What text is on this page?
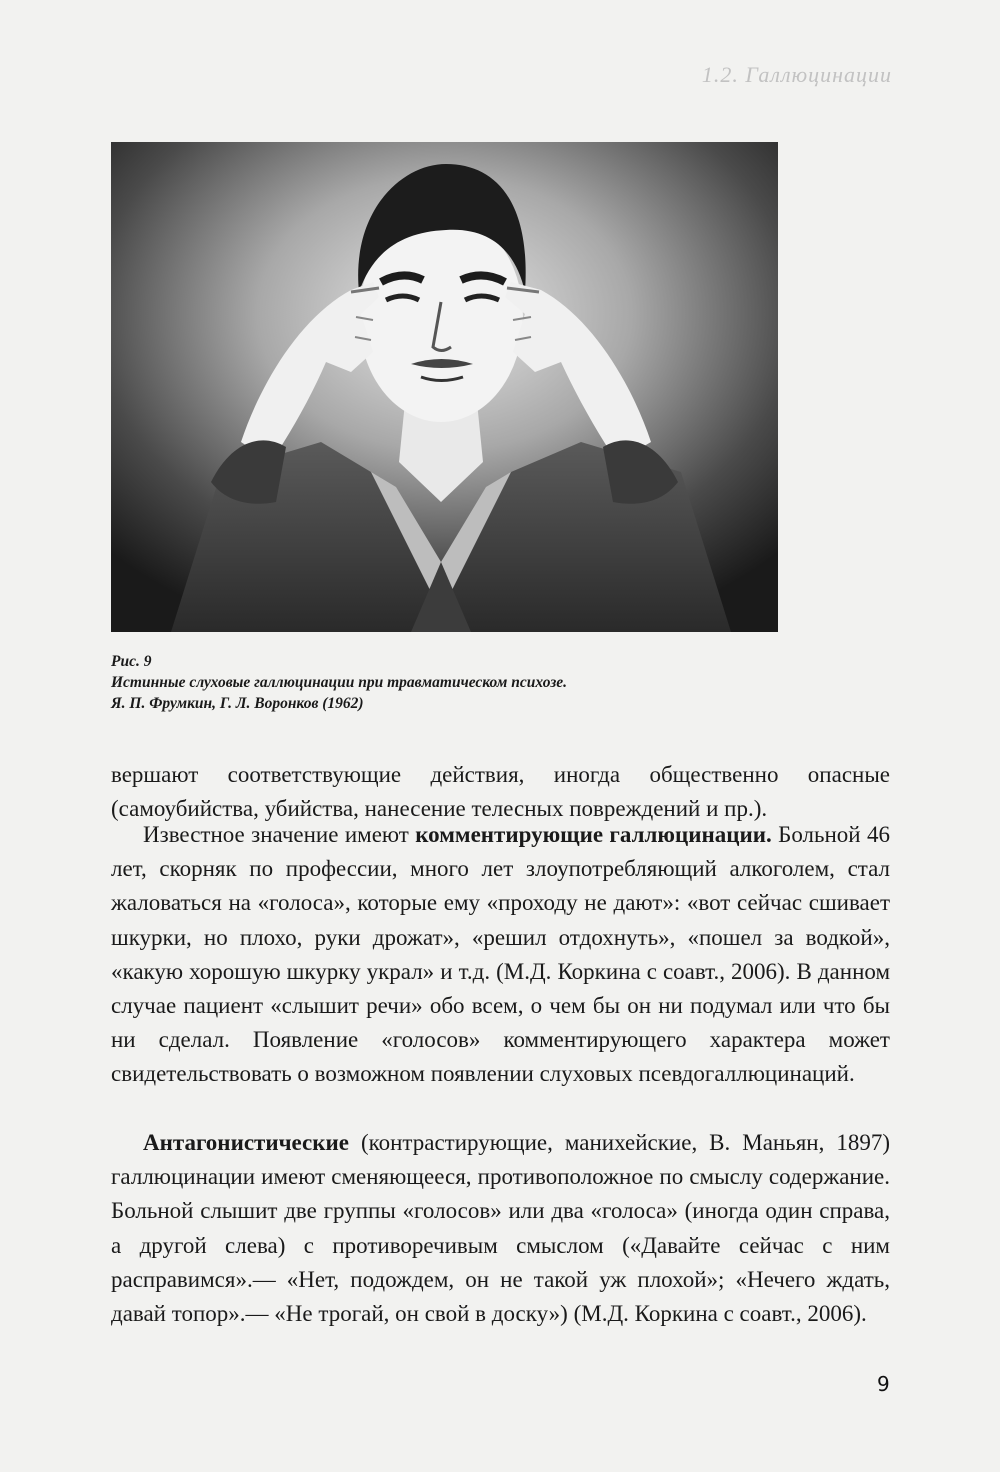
1.2. Галлюцинации
Рис. 9
Истинные слуховые галлюцинации при травматическом психозе.
Я. П. Фрумкин, Г. Л. Воронков (1962)

вершают соответствующие действия, иногда общественно опасные (самоубийства, убийства, нанесение телесных повреждений и пр.).

Известное значение имеют комментирующие галлюцинации. Больной 46 лет, скорняк по профессии, много лет злоупотребляющий алкоголем, стал жаловаться на «голоса», которые ему «проходу не дают»: «вот сейчас сшивает шкурки, но плохо, руки дрожат», «решил отдохнуть», «пошел за водкой», «какую хорошую шкурку украл» и т.д. (М.Д. Коркина с соавт., 2006). В данном случае пациент «слышит речи» обо всем, о чем бы он ни подумал или что бы ни сделал. Появление «голосов» комментирующего характера может свидетельствовать о возможном появлении слуховых псевдогаллюцинаций.

Антагонистические (контрастирующие, манихейские, В. Маньян, 1897) галлюцинации имеют сменяющееся, противоположное по смыслу содержание. Больной слышит две группы «голосов» или два «голоса» (иногда один справа, а другой слева) с противоречивым смыслом («Давайте сейчас с ним расправимся».— «Нет, подождем, он не такой уж плохой»; «Нечего ждать, давай топор».— «Не трогай, он свой в доску») (М.Д. Коркина с соавт., 2006).

9
